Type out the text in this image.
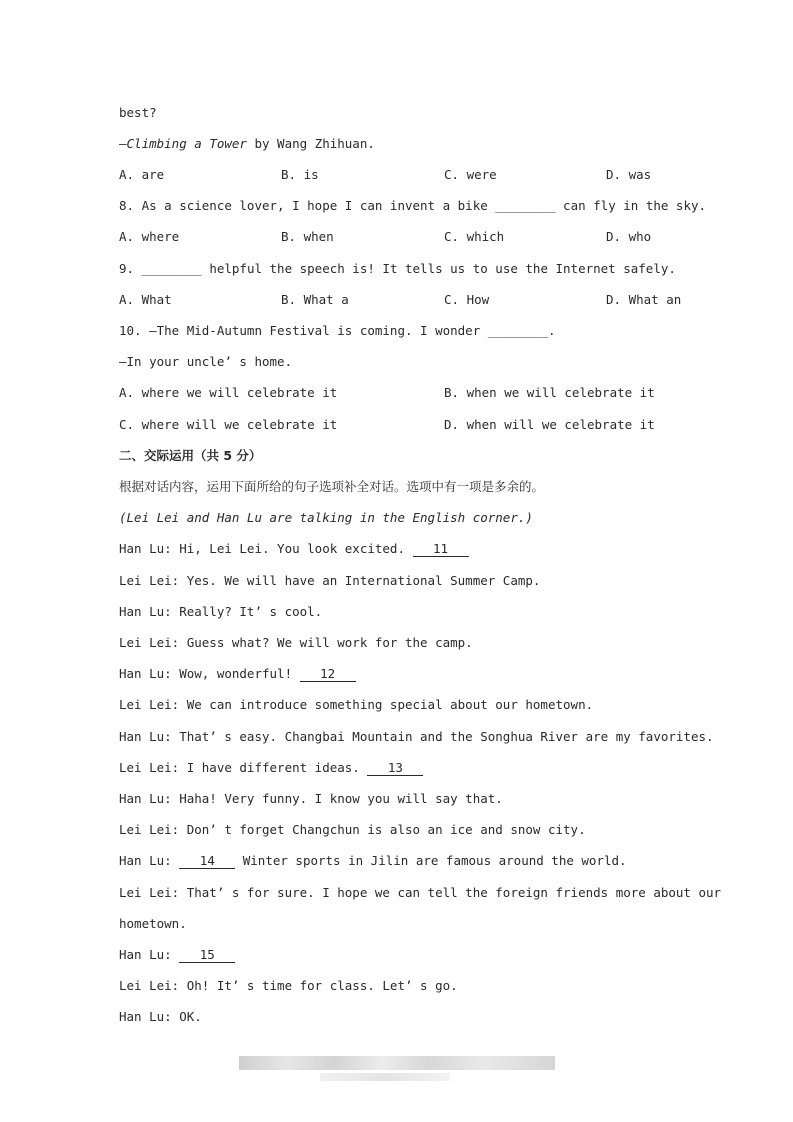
best?
—Climbing a Tower by Wang Zhihuan.
A. are	B. is	C. were	D. was
8. As a science lover, I hope I can invent a bike ________ can fly in the sky.
A. where	B. when	C. which	D. who
9. ________ helpful the speech is! It tells us to use the Internet safely.
A. What	B. What a	C. How	D. What an
10. —The Mid-Autumn Festival is coming. I wonder ________.
—In your uncle’ s home.
A. where we will celebrate it	B. when we will celebrate it
C. where will we celebrate it	D. when will we celebrate it
二、交际运用（共 5 分）
根据对话内容，运用下面所给的句子选项补全对话。选项中有一项是多余的。
(Lei Lei and Han Lu are talking in the English corner.)
Han Lu: Hi, Lei Lei. You look excited. 11
Lei Lei: Yes. We will have an International Summer Camp.
Han Lu: Really? It’ s cool.
Lei Lei: Guess what? We will work for the camp.
Han Lu: Wow, wonderful! 12
Lei Lei: We can introduce something special about our hometown.
Han Lu: That’ s easy. Changbai Mountain and the Songhua River are my favorites.
Lei Lei: I have different ideas. 13
Han Lu: Haha! Very funny. I know you will say that.
Lei Lei: Don’ t forget Changchun is also an ice and snow city.
Han Lu: 14 Winter sports in Jilin are famous around the world.
Lei Lei: That’ s for sure. I hope we can tell the foreign friends more about our
hometown.
Han Lu: 15
Lei Lei: Oh! It’ s time for class. Let’ s go.
Han Lu: OK.
